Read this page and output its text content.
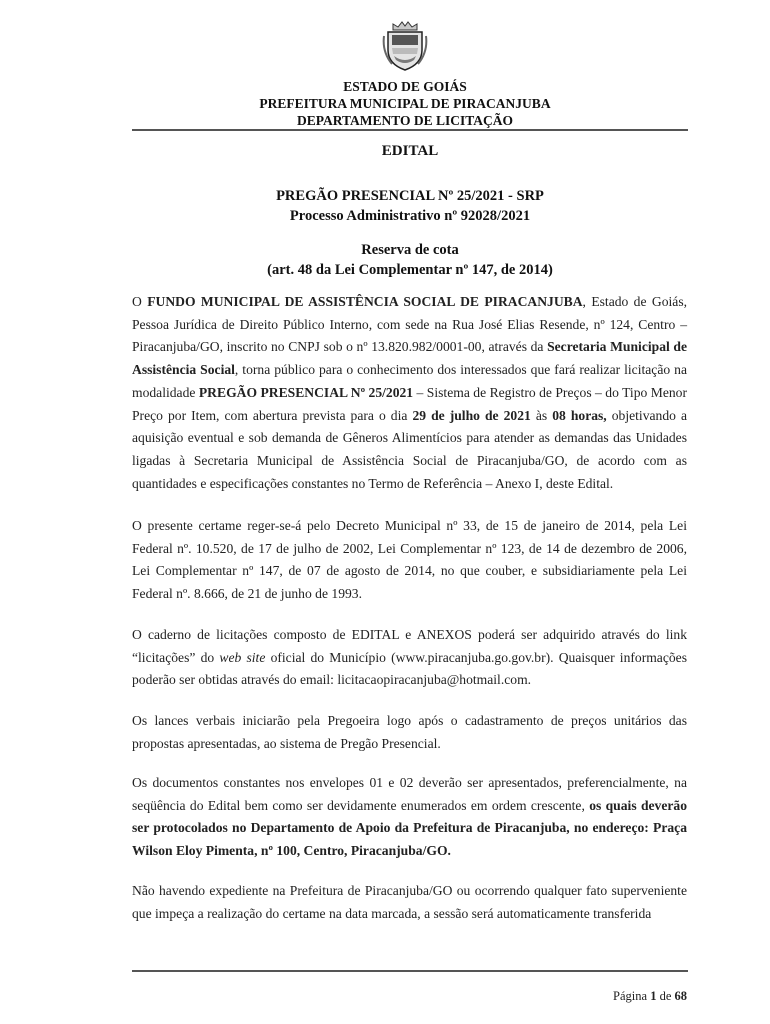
ESTADO DE GOIÁS
PREFEITURA MUNICIPAL DE PIRACANJUBA
DEPARTAMENTO DE LICITAÇÃO
EDITAL
PREGÃO PRESENCIAL Nº 25/2021 - SRP
Processo Administrativo nº 92028/2021
Reserva de cota
(art. 48 da Lei Complementar nº 147, de 2014)

O FUNDO MUNICIPAL DE ASSISTÊNCIA SOCIAL DE PIRACANJUBA, Estado de Goiás, Pessoa Jurídica de Direito Público Interno, com sede na Rua José Elias Resende, nº 124, Centro – Piracanjuba/GO, inscrito no CNPJ sob o nº 13.820.982/0001-00, através da Secretaria Municipal de Assistência Social, torna público para o conhecimento dos interessados que fará realizar licitação na modalidade PREGÃO PRESENCIAL Nº 25/2021 – Sistema de Registro de Preços – do Tipo Menor Preço por Item, com abertura prevista para o dia 29 de julho de 2021 às 08 horas, objetivando a aquisição eventual e sob demanda de Gêneros Alimentícios para atender as demandas das Unidades ligadas à Secretaria Municipal de Assistência Social de Piracanjuba/GO, de acordo com as quantidades e especificações constantes no Termo de Referência – Anexo I, deste Edital.

O presente certame reger-se-á pelo Decreto Municipal nº 33, de 15 de janeiro de 2014, pela Lei Federal nº. 10.520, de 17 de julho de 2002, Lei Complementar nº 123, de 14 de dezembro de 2006, Lei Complementar nº 147, de 07 de agosto de 2014, no que couber, e subsidiariamente pela Lei Federal nº. 8.666, de 21 de junho de 1993.

O caderno de licitações composto de EDITAL e ANEXOS poderá ser adquirido através do link “licitações” do web site oficial do Município (www.piracanjuba.go.gov.br). Quaisquer informações poderão ser obtidas através do email: licitacaopiracanjuba@hotmail.com.

Os lances verbais iniciarão pela Pregoeira logo após o cadastramento de preços unitários das propostas apresentadas, ao sistema de Pregão Presencial.

Os documentos constantes nos envelopes 01 e 02 deverão ser apresentados, preferencialmente, na seqüência do Edital bem como ser devidamente enumerados em ordem crescente, os quais deverão ser protocolados no Departamento de Apoio da Prefeitura de Piracanjuba, no endereço: Praça Wilson Eloy Pimenta, nº 100, Centro, Piracanjuba/GO.

Não havendo expediente na Prefeitura de Piracanjuba/GO ou ocorrendo qualquer fato superveniente que impeça a realização do certame na data marcada, a sessão será automaticamente transferida

Página 1 de 68
